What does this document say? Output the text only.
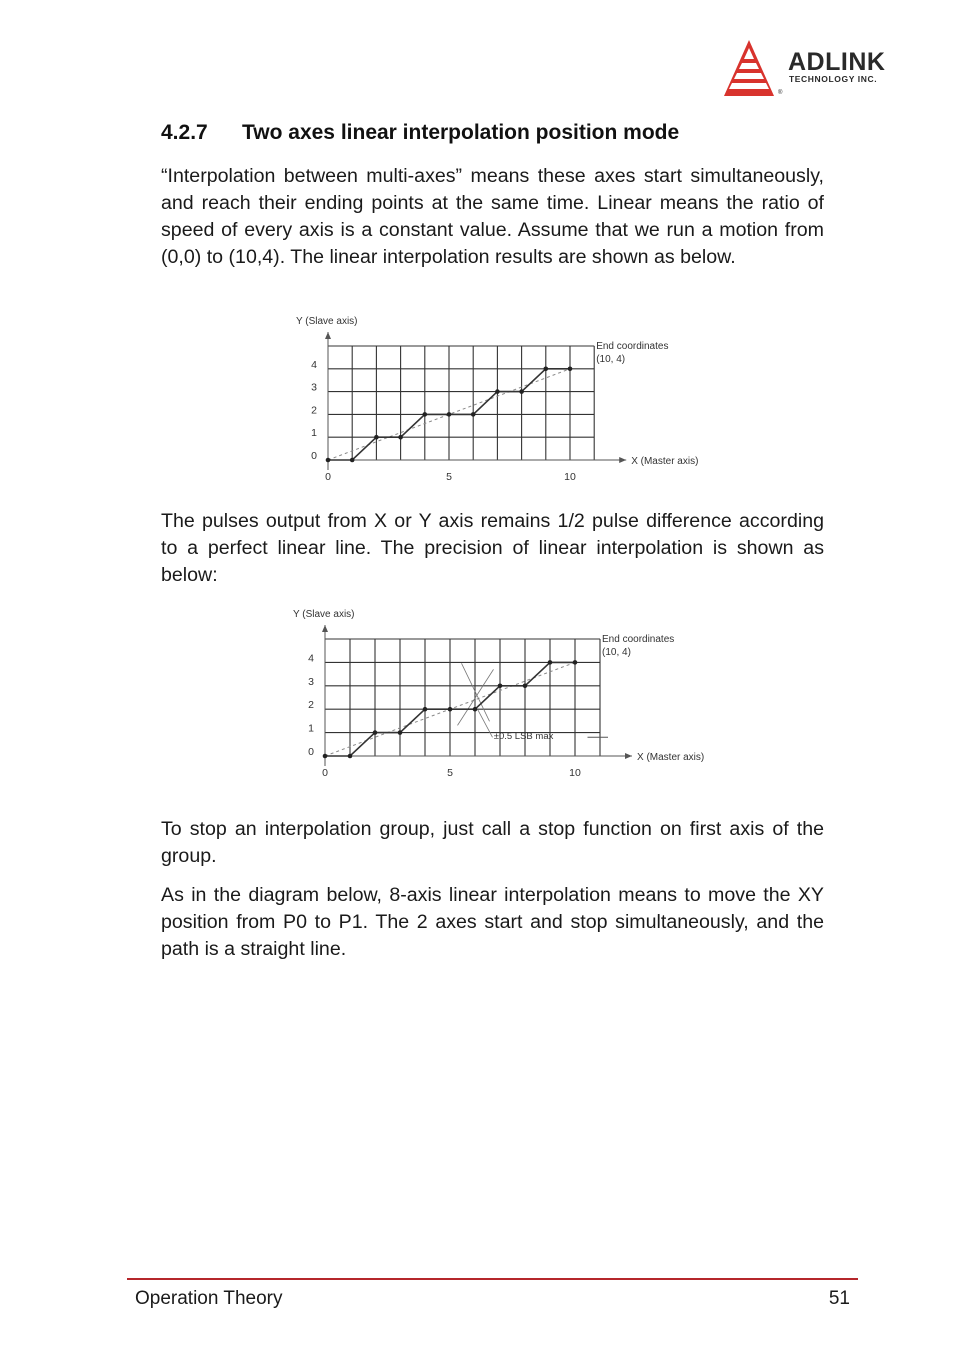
ADLINK
TECHNOLOGY INC.
®
4.2.7 Two axes linear interpolation position mode

“Interpolation between multi-axes” means these axes start simultaneously, and reach their ending points at the same time. Linear means the ratio of speed of every axis is a constant value. Assume that we run a motion from (0,0) to (10,4). The linear interpolation results are shown as below.

0	5	10
0
1
2
3
4
Y (Slave axis)
X (Master axis)
End coordinates
(10, 4)

The pulses output from X or Y axis remains 1/2 pulse difference according to a perfect linear line. The precision of linear interpolation is shown as below:

0	5	10
0
1
2
3
4
Y (Slave axis)
X (Master axis)
End coordinates
(10, 4)
±0.5 LSB max

To stop an interpolation group, just call a stop function on first axis of the group.

As in the diagram below, 8-axis linear interpolation means to move the XY position from P0 to P1. The 2 axes start and stop simultaneously, and the path is a straight line.

Operation Theory	51
